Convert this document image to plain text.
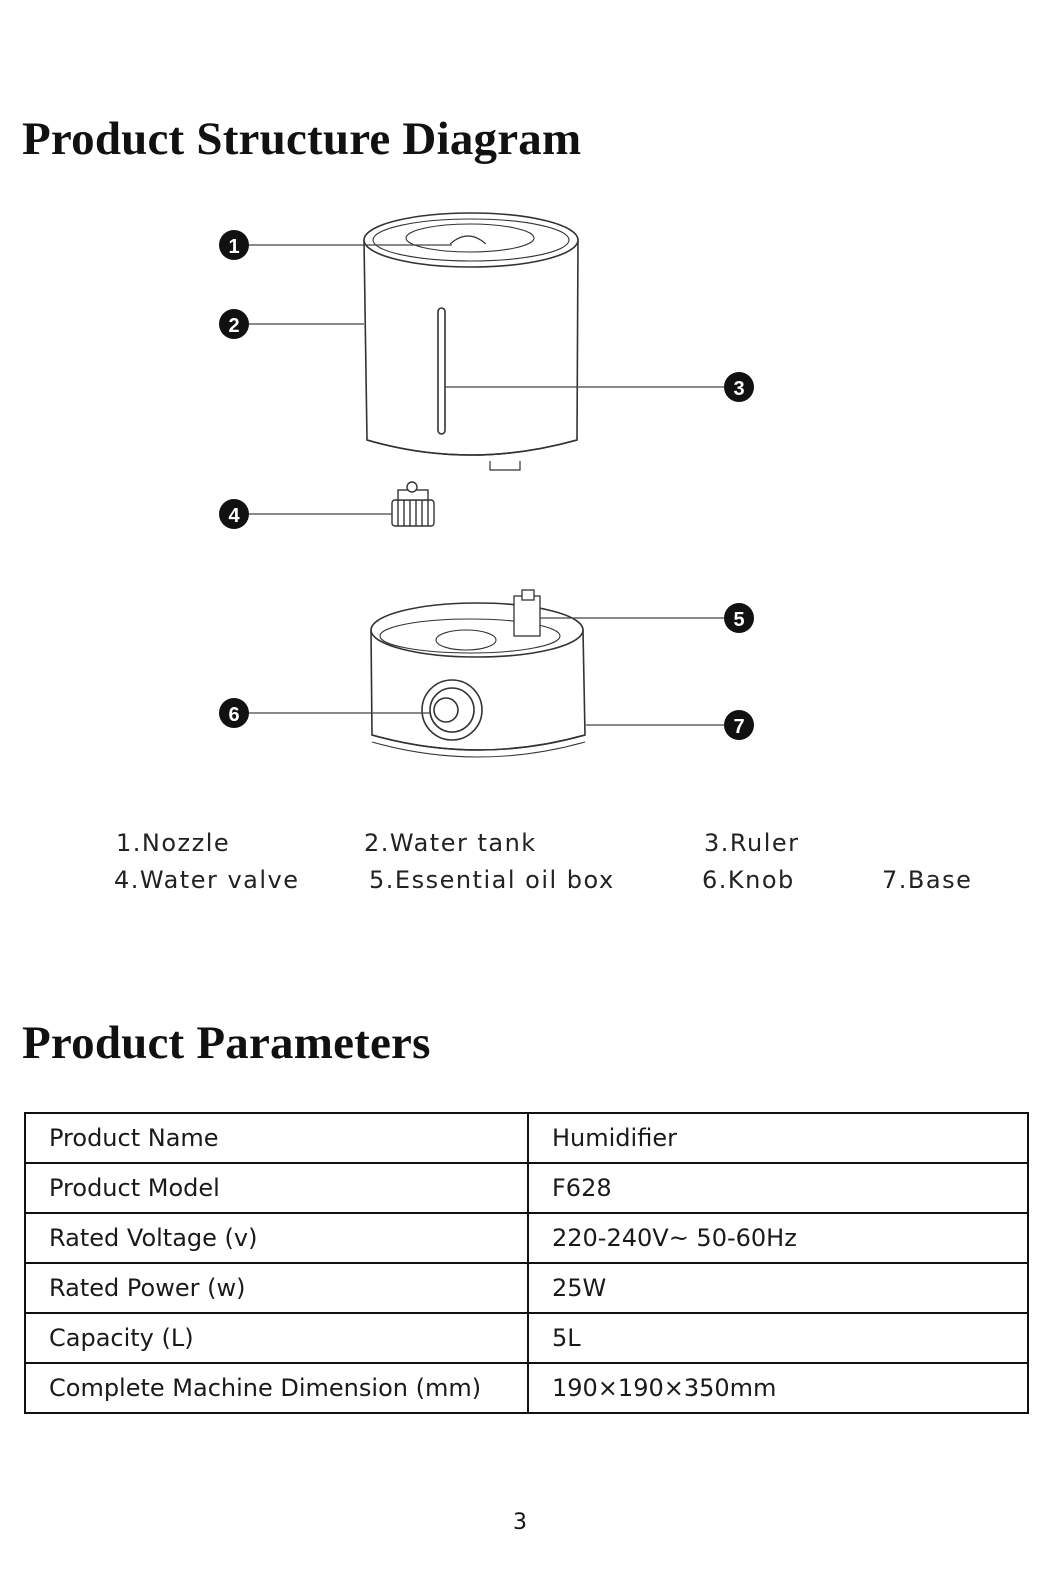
Product Structure Diagram
1
2
3
4
5
6
7
1.Nozzle	2.Water tank	3.Ruler
4.Water valve	5.Essential oil box	6.Knob	7.Base
Product Parameters
Product Name	Humidifier
Product Model	F628
Rated Voltage (v)	220-240V~ 50-60Hz
Rated Power (w)	25W
Capacity (L)	5L
Complete Machine Dimension (mm)	190×190×350mm
3
